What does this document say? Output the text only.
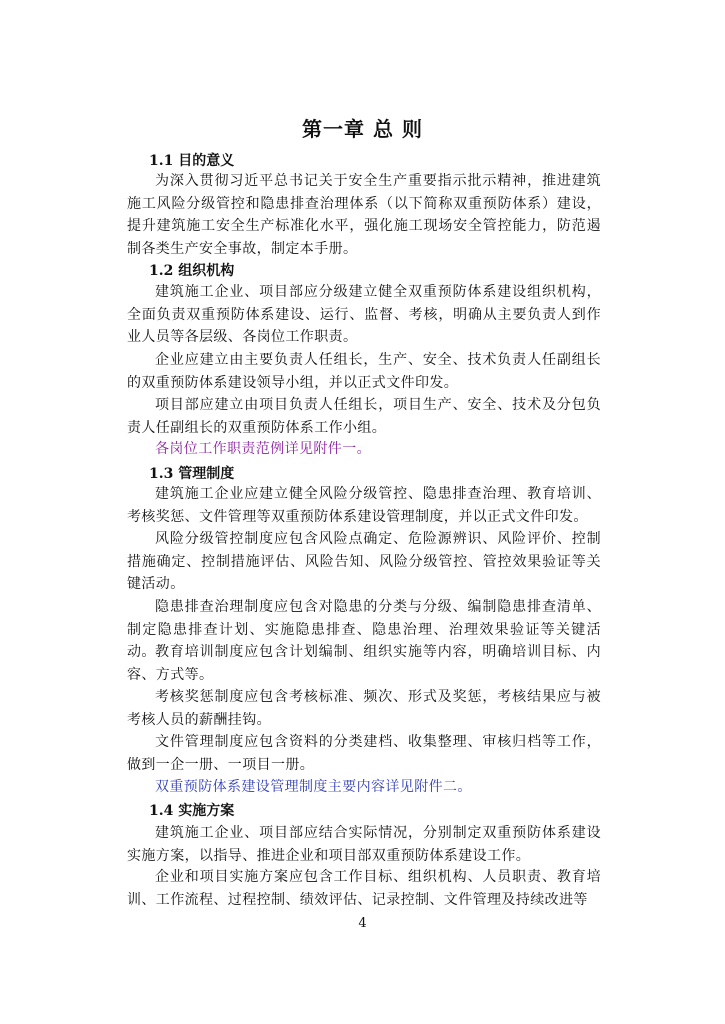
第一章 总 则
1.1 目的意义

为深入贯彻习近平总书记关于安全生产重要指示批示精神，推进建筑施工风险分级管控和隐患排查治理体系（以下简称双重预防体系）建设，提升建筑施工安全生产标准化水平，强化施工现场安全管控能力，防范遏制各类生产安全事故，制定本手册。

1.2 组织机构

建筑施工企业、项目部应分级建立健全双重预防体系建设组织机构，全面负责双重预防体系建设、运行、监督、考核，明确从主要负责人到作业人员等各层级、各岗位工作职责。

企业应建立由主要负责人任组长，生产、安全、技术负责人任副组长的双重预防体系建设领导小组，并以正式文件印发。

项目部应建立由项目负责人任组长，项目生产、安全、技术及分包负责人任副组长的双重预防体系工作小组。

各岗位工作职责范例详见附件一。

1.3 管理制度

建筑施工企业应建立健全风险分级管控、隐患排查治理、教育培训、考核奖惩、文件管理等双重预防体系建设管理制度，并以正式文件印发。

风险分级管控制度应包含风险点确定、危险源辨识、风险评价、控制措施确定、控制措施评估、风险告知、风险分级管控、管控效果验证等关键活动。

隐患排查治理制度应包含对隐患的分类与分级、编制隐患排查清单、制定隐患排查计划、实施隐患排查、隐患治理、治理效果验证等关键活动。 教育培训制度应包含计划编制、组织实施等内容，明确培训目标、内容、方式等。

考核奖惩制度应包含考核标准、频次、形式及奖惩，考核结果应与被考核人员的薪酬挂钩。

文件管理制度应包含资料的分类建档、收集整理、审核归档等工作，做到一企一册、一项目一册。

双重预防体系建设管理制度主要内容详见附件二。

1.4 实施方案

建筑施工企业、项目部应结合实际情况，分别制定双重预防体系建设实施方案，以指导、推进企业和项目部双重预防体系建设工作。

企业和项目实施方案应包含工作目标、组织机构、人员职责、教育培训、工作流程、过程控制、绩效评估、记录控制、文件管理及持续改进等

4
